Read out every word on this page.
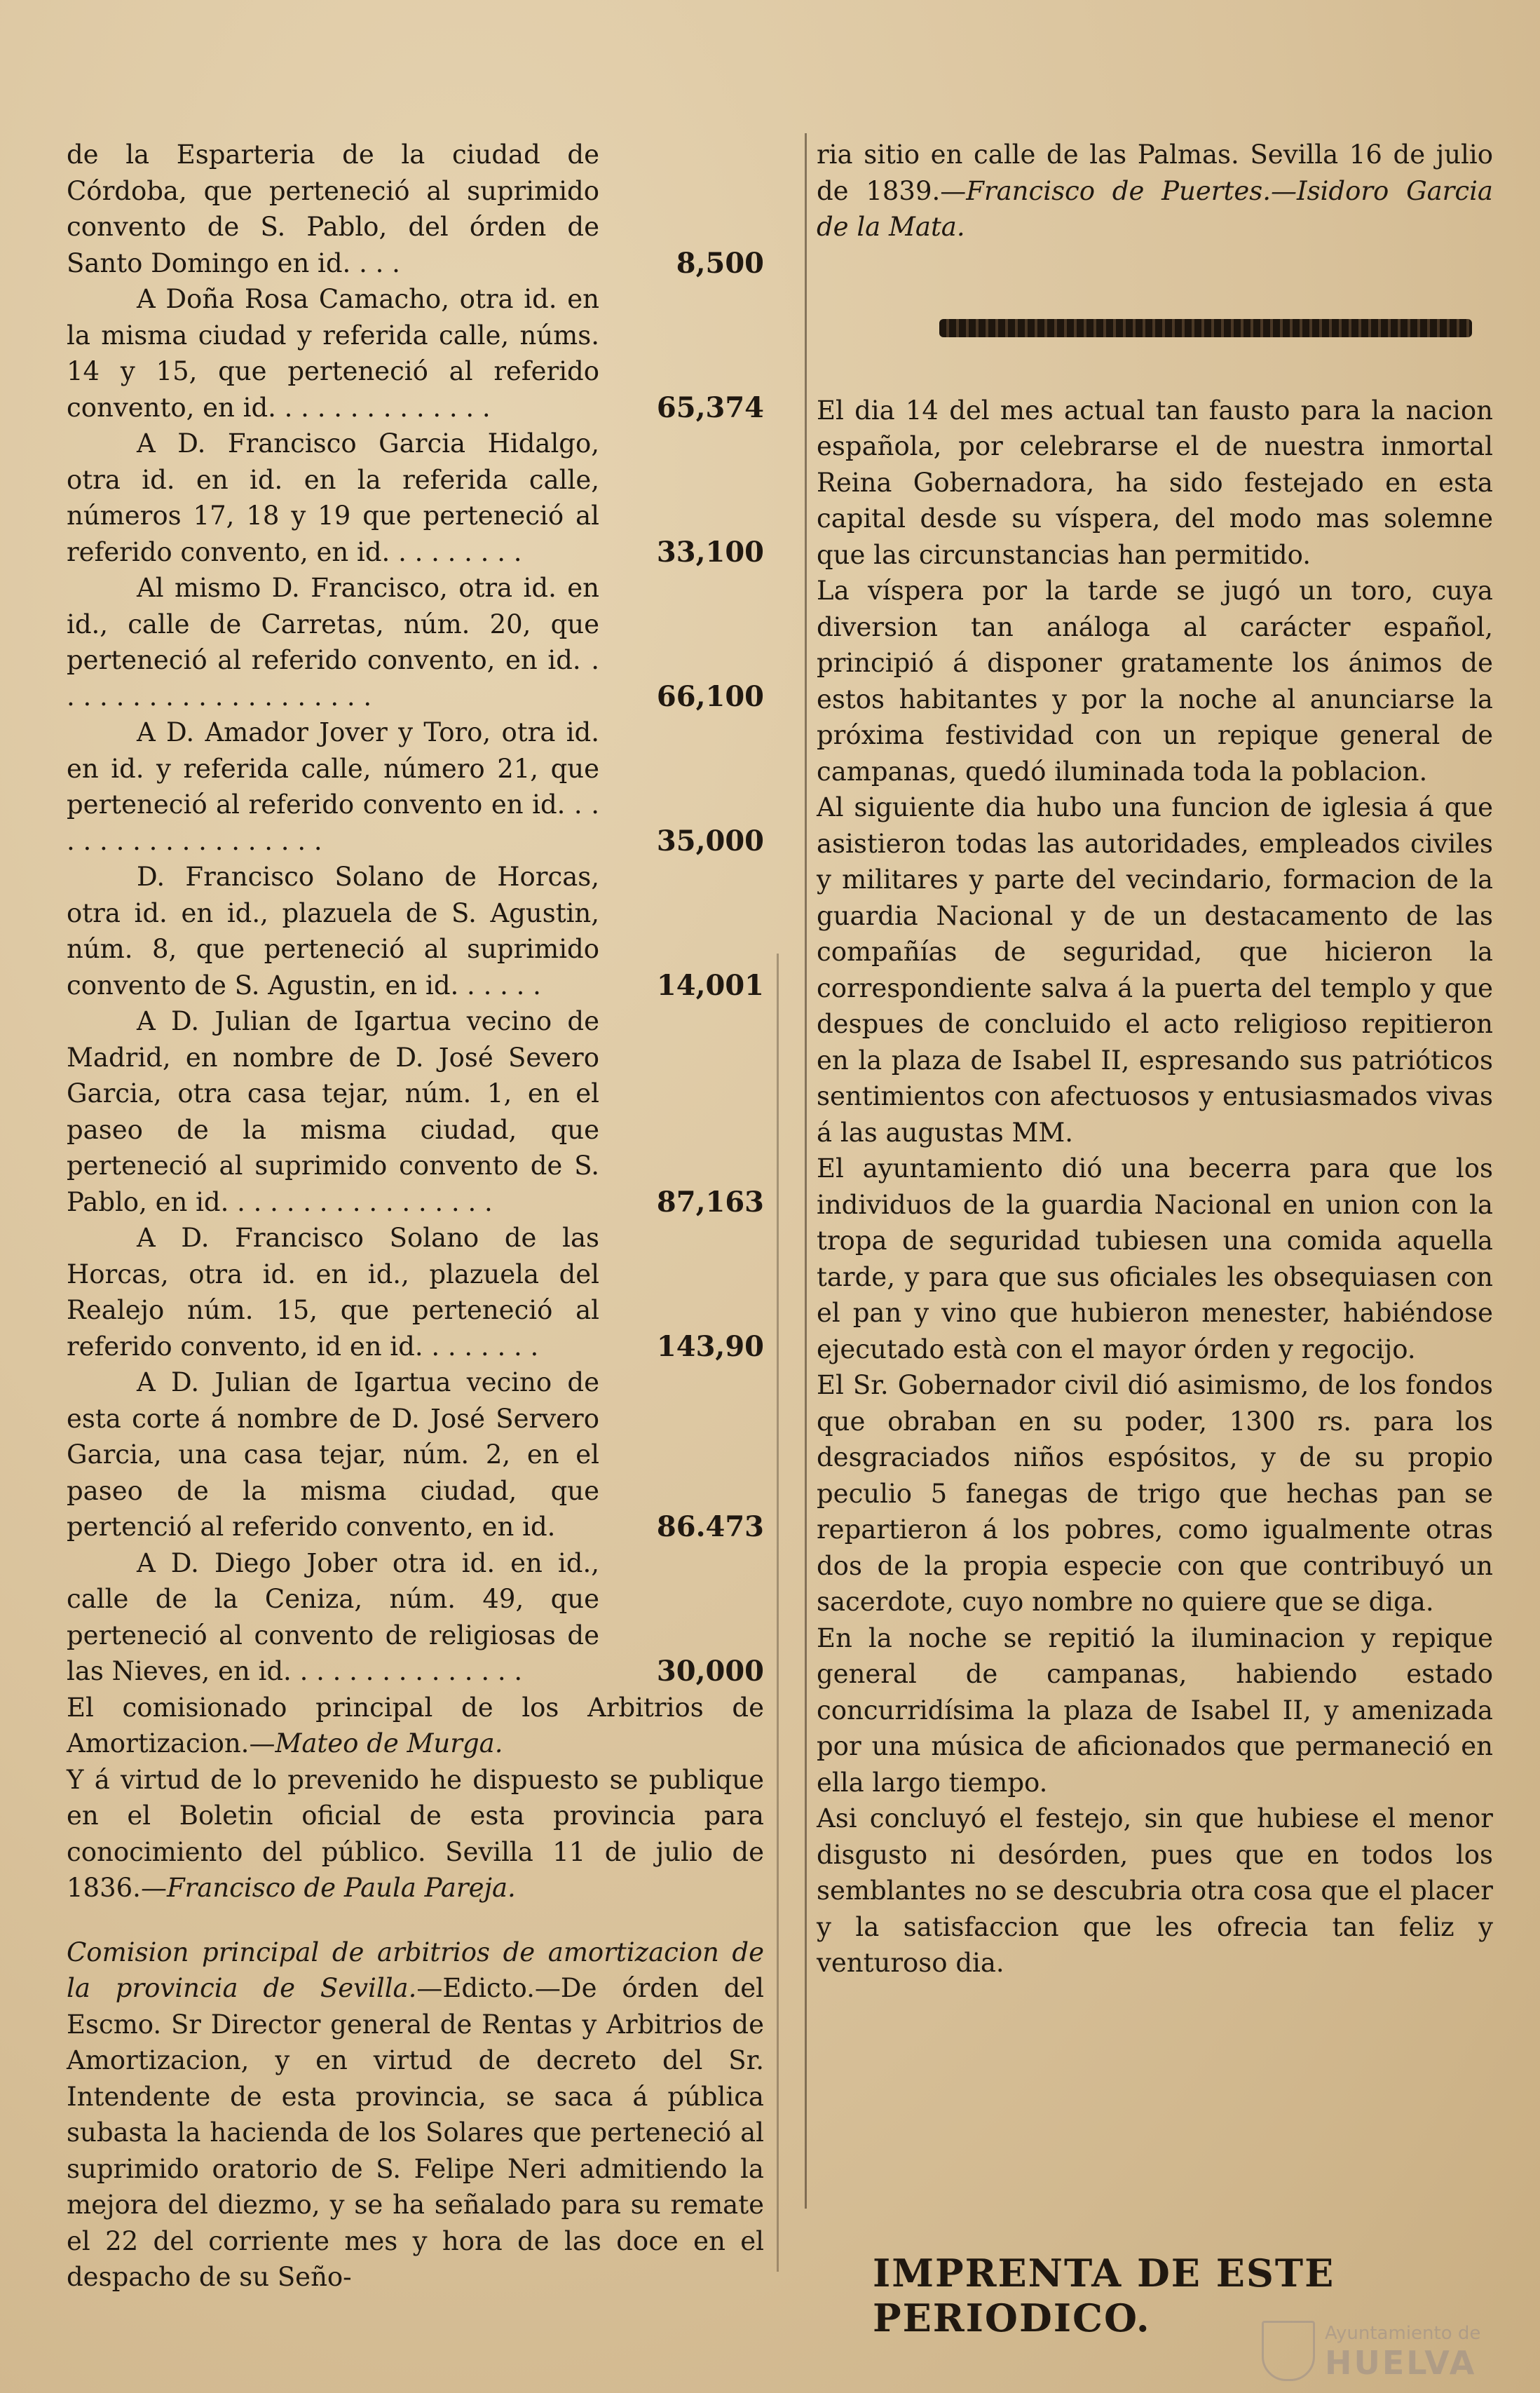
de la Esparteria de la ciudad de Córdoba, que perteneció al suprimido convento de S. Pablo, del órden de Santo Domingo en id. . . .	8,500
A Doña Rosa Camacho, otra id. en la misma ciudad y referida calle, núms. 14 y 15, que perteneció al referido convento, en id. . . . . . . . . . . . . .	65,374
A D. Francisco Garcia Hidalgo, otra id. en id. en la referida calle, números 17, 18 y 19 que perteneció al referido convento, en id. . . . . . . . .	33,100
Al mismo D. Francisco, otra id. en id., calle de Carretas, núm. 20, que perteneció al referido convento, en id. . . . . . . . . . . . . . . . . . . . .	66,100
A D. Amador Jover y Toro, otra id. en id. y referida calle, número 21, que perteneció al referido convento en id. . . . . . . . . . . . . . . . . . .	35,000
D. Francisco Solano de Horcas, otra id. en id., plazuela de S. Agustin, núm. 8, que perteneció al suprimido convento de S. Agustin, en id. . . . . .	14,001
A D. Julian de Igartua vecino de Madrid, en nombre de D. José Severo Garcia, otra casa tejar, núm. 1, en el paseo de la misma ciudad, que perteneció al suprimido convento de S. Pablo, en id. . . . . . . . . . . . . . . . .	87,163
A D. Francisco Solano de las Horcas, otra id. en id., plazuela del Realejo núm. 15, que perteneció al referido convento, id en id. . . . . . . .	143,90
A D. Julian de Igartua vecino de esta corte á nombre de D. José Servero Garcia, una casa tejar, núm. 2, en el paseo de la misma ciudad, que pertenció al referido convento, en id.	86.473
A D. Diego Jober otra id. en id., calle de la Ceniza, núm. 49, que perteneció al convento de religiosas de las Nieves, en id. . . . . . . . . . . . . . .	30,000

El comisionado principal de los Arbitrios de Amortizacion.—Mateo de Murga.

Y á virtud de lo prevenido he dispuesto se publique en el Boletin oficial de esta provincia para conocimiento del público. Sevilla 11 de julio de 1836.—Francisco de Paula Pareja.

Comision principal de arbitrios de amortizacion de la provincia de Sevilla.—Edicto.—De órden del Escmo. Sr Director general de Rentas y Arbitrios de Amortizacion, y en virtud de decreto del Sr. Intendente de esta provincia, se saca á pública subasta la hacienda de los Solares que perteneció al suprimido oratorio de S. Felipe Neri admitiendo la mejora del diezmo, y se ha señalado para su remate el 22 del corriente mes y hora de las doce en el despacho de su Seño-

ria sitio en calle de las Palmas. Sevilla 16 de julio de 1839.—Francisco de Puertes.—Isidoro Garcia de la Mata.

El dia 14 del mes actual tan fausto para la nacion española, por celebrarse el de nuestra inmortal Reina Gobernadora, ha sido festejado en esta capital desde su víspera, del modo mas solemne que las circunstancias han permitido.

La víspera por la tarde se jugó un toro, cuya diversion tan análoga al carácter español, principió á disponer gratamente los ánimos de estos habitantes y por la noche al anunciarse la próxima festividad con un repique general de campanas, quedó iluminada toda la poblacion.

Al siguiente dia hubo una funcion de iglesia á que asistieron todas las autoridades, empleados civiles y militares y parte del vecindario, formacion de la guardia Nacional y de un destacamento de las compañías de seguridad, que hicieron la correspondiente salva á la puerta del templo y que despues de concluido el acto religioso repitieron en la plaza de Isabel II, espresando sus patrióticos sentimientos con afectuosos y entusiasmados vivas á las augustas MM.

El ayuntamiento dió una becerra para que los individuos de la guardia Nacional en union con la tropa de seguridad tubiesen una comida aquella tarde, y para que sus oficiales les obsequiasen con el pan y vino que hubieron menester, habiéndose ejecutado està con el mayor órden y regocijo.

El Sr. Gobernador civil dió asimismo, de los fondos que obraban en su poder, 1300 rs. para los desgraciados niños espósitos, y de su propio peculio 5 fanegas de trigo que hechas pan se repartieron á los pobres, como igualmente otras dos de la propia especie con que contribuyó un sacerdote, cuyo nombre no quiere que se diga.

En la noche se repitió la iluminacion y repique general de campanas, habiendo estado concurridísima la plaza de Isabel II, y amenizada por una música de aficionados que permaneció en ella largo tiempo.

Asi concluyó el festejo, sin que hubiese el menor disgusto ni desórden, pues que en todos los semblantes no se descubria otra cosa que el placer y la satisfaccion que les ofrecia tan feliz y venturoso dia.

IMPRENTA DE ESTE PERIODICO.	Ayuntamiento de
HUELVA
